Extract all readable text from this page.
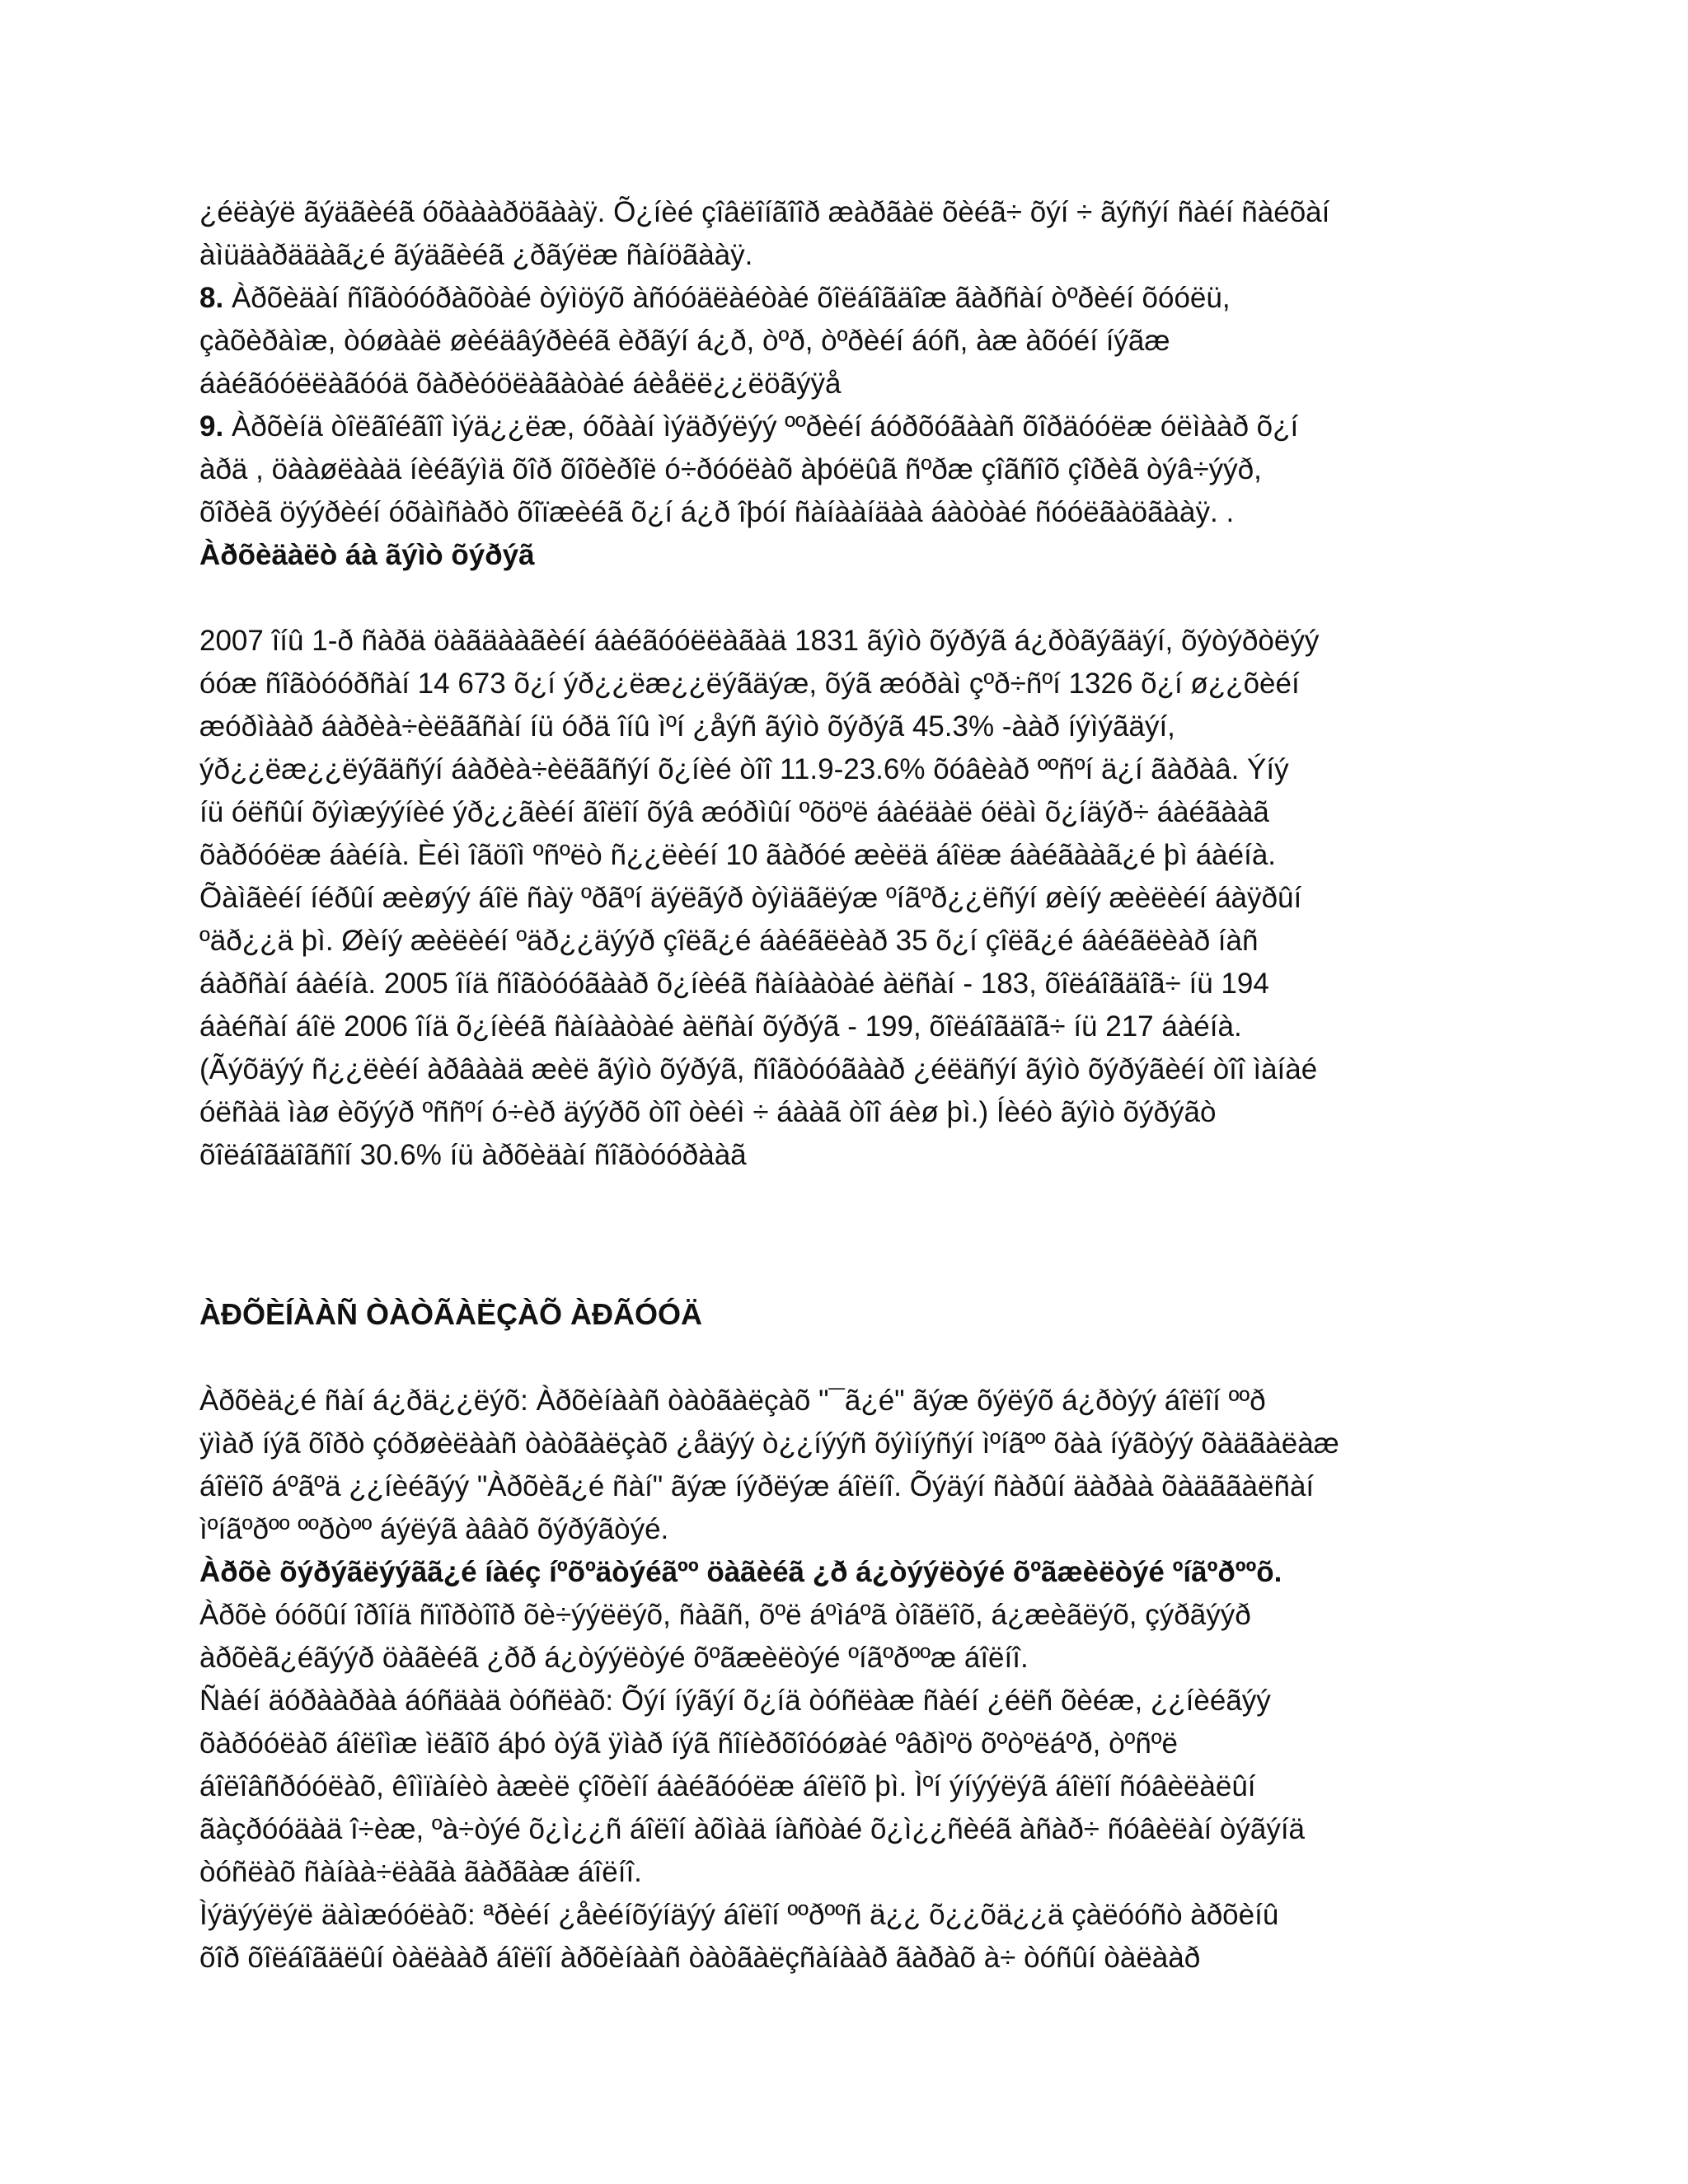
¿éëàýë ãýäãèéã óõàààðöãààÿ. Õ¿íèé çîâëîíãîîð æàðãàë õèéã÷ õýí ÷ ãýñýí ñàéí ñàéõàí
àìüäàðääàã¿é ãýäãèéã ¿ðãýëæ ñàíöãààÿ.
8. Àðõèäàí ñîãòóóðàõòàé òýìöýõ àñóóäëàéòàé õîëáîãäîæ ãàðñàí òºðèéí õóóëü,
çàõèðàìæ, òóøààë øèéäâýðèéã èðãýí á¿ð, òºð, òºðèéí áóñ, àæ àõóéí íýãæ
áàéãóóëëàãóóä õàðèóöëàãàòàé áèåëë¿¿ëöãýÿå
9. Àðõèíä òîëãîéãîî ìýä¿¿ëæ, óõààí ìýäðýëýý ººðèéí áóðõóãààñ õîðäóóëæ óëìààð õ¿í
àðä , öààøëààä íèéãýìä õîð õîõèðîë ó÷ðóóëàõ àþóëûã ñºðæ çîãñîõ çîðèã òýâ÷ýýð,
õîðèã öýýðèéí óõàìñàðò õîïæèéã õ¿í á¿ð îþóí ñàíààíäàà áàòòàé ñóóëãàöãààÿ. .
Àðõèäàëò áà ãýìò õýðýã
2007 îíû 1-ð ñàðä öàãäààãèéí áàéãóóëëàãàä 1831 ãýìò õýðýã á¿ðòãýãäýí, õýòýðòëýý
óóæ ñîãòóóðñàí 14 673 õ¿í ýð¿¿ëæ¿¿ëýãäýæ, õýã æóðàì çºð÷ñºí 1326 õ¿í ø¿¿õèéí
æóðìààð áàðèà÷èëããñàí íü óðä îíû ìºí ¿åýñ ãýìò õýðýã 45.3% -ààð íýìýãäýí,
ýð¿¿ëæ¿¿ëýãäñýí áàðèà÷èëããñýí õ¿íèé òîî 11.9-23.6% õóâèàð ººñºí ä¿í ãàðàâ. Ýíý
íü óëñûí õýìæýýíèé ýð¿¿ãèéí ãîëîí õýâ æóðìûí ºõöºë áàéäàë óëàì õ¿íäýð÷ áàéãààã
õàðóóëæ áàéíà. Èéì îãöîì ºñºëò ñ¿¿ëèéí 10 ãàðóé æèëä áîëæ áàéãààã¿é þì áàéíà.
Õàìãèéí íéðûí æèøýý áîë ñàÿ ºðãºí äýëãýð òýìäãëýæ ºíãºð¿¿ëñýí øèíý æèëèéí áàÿðûí
ºäð¿¿ä þì. Øèíý æèëèéí ºäð¿¿äýýð çîëã¿é áàéãëèàð 35 õ¿í çîëã¿é áàéãëèàð íàñ
áàðñàí áàéíà. 2005 îíä ñîãòóóãààð õ¿íèéã ñàíààòàé àëñàí - 183, õîëáîãäîã÷ íü 194
áàéñàí áîë 2006 îíä õ¿íèéã ñàíààòàé àëñàí õýðýã - 199, õîëáîãäîã÷ íü 217 áàéíà.
(Ãýõäýý ñ¿¿ëèéí àðâààä æèë ãýìò õýðýã, ñîãòóóãààð ¿éëäñýí ãýìò õýðýãèéí òîî ìàíàé
óëñàä ìàø èõýýð ºññºí ó÷èð äýýðõ òîî òèéì ÷ áààã òîî áèø þì.) Íèéò ãýìò õýðýãò
õîëáîãäîãñîí 30.6% íü àðõèäàí ñîãòóóðààã
ÀÐÕÈÍÀÀÑ ÒÀÒÃÀËÇÀÕ ÀÐÃÓÓÄ
Àðõèä¿é ñàí á¿ðä¿¿ëýõ: Àðõèíààñ òàòãàëçàõ "¯ã¿é" ãýæ õýëýõ á¿ðòýý áîëîí ººð
ÿìàð íýã õîðò çóðøèëààñ òàòãàëçàõ ¿åäýý ò¿¿íýýñ õýìíýñýí ìºíãºº õàà íýãòýý õàäãàëàæ
áîëîõ áºãºä ¿¿íèéãýý "Àðõèã¿é ñàí" ãýæ íýðëýæ áîëíî. Õýäýí ñàðûí äàðàà õàäããàëñàí
ìºíãºðºº ººðòºº áýëýã àâàõ õýðýãòýé.
Àðõè õýðýãëýýãã¿é íàéç íºõºäòýéãºº öàãèéã ¿ð á¿òýýëòýé õºãæèëòýé ºíãºðººõ.
Àðõè óóõûí îðîíä ñïîðòîîð õè÷ýýëëýõ, ñàãñ, õºë áºìáºã òîãëîõ, á¿æèãëýõ, çýðãýýð
àðõèã¿éãýýð öàãèéã ¿ðð á¿òýýëòýé õºãæèëòýé ºíãºðººæ áîëíî.
Ñàéí äóðààðàà áóñäàä òóñëàõ: Õýí íýãýí õ¿íä òóñëàæ ñàéí ¿éëñ õèéæ, ¿¿íèéãýý
õàðóóëàõ áîëîìæ ìëãîõ áþó òýã ÿìàð íýã ñîíèðõîóóøàé ºâðìºö õºòºëáºð, òºñºë
áîëîâñðóóëàõ, êîìïàíèò àæèë çîõèîí áàéãóóëæ áîëîõ þì. Ìºí ýíýýëýã áîëîí ñóâèëàëûí
ãàçðóóäàä î÷èæ, ºà÷òýé õ¿ì¿¿ñ áîëîí àõìàä íàñòàé õ¿ì¿¿ñèéã àñàð÷ ñóâèëàí òýãýíä
òóñëàõ ñàíàà÷ëàãà ãàðãàæ áîëíî.
Ìýäýýëýë äàìæóóëàõ: ªðèéí ¿åèéíõýíäýý áîëîí ººðººñ ä¿¿ õ¿¿õä¿¿ä çàëóóñò àðõèíû
õîð õîëáîãäëûí òàëààð áîëîí àðõèíààñ òàòãàëçñàíààð ãàðàõ à÷ òóñûí òàëààð
